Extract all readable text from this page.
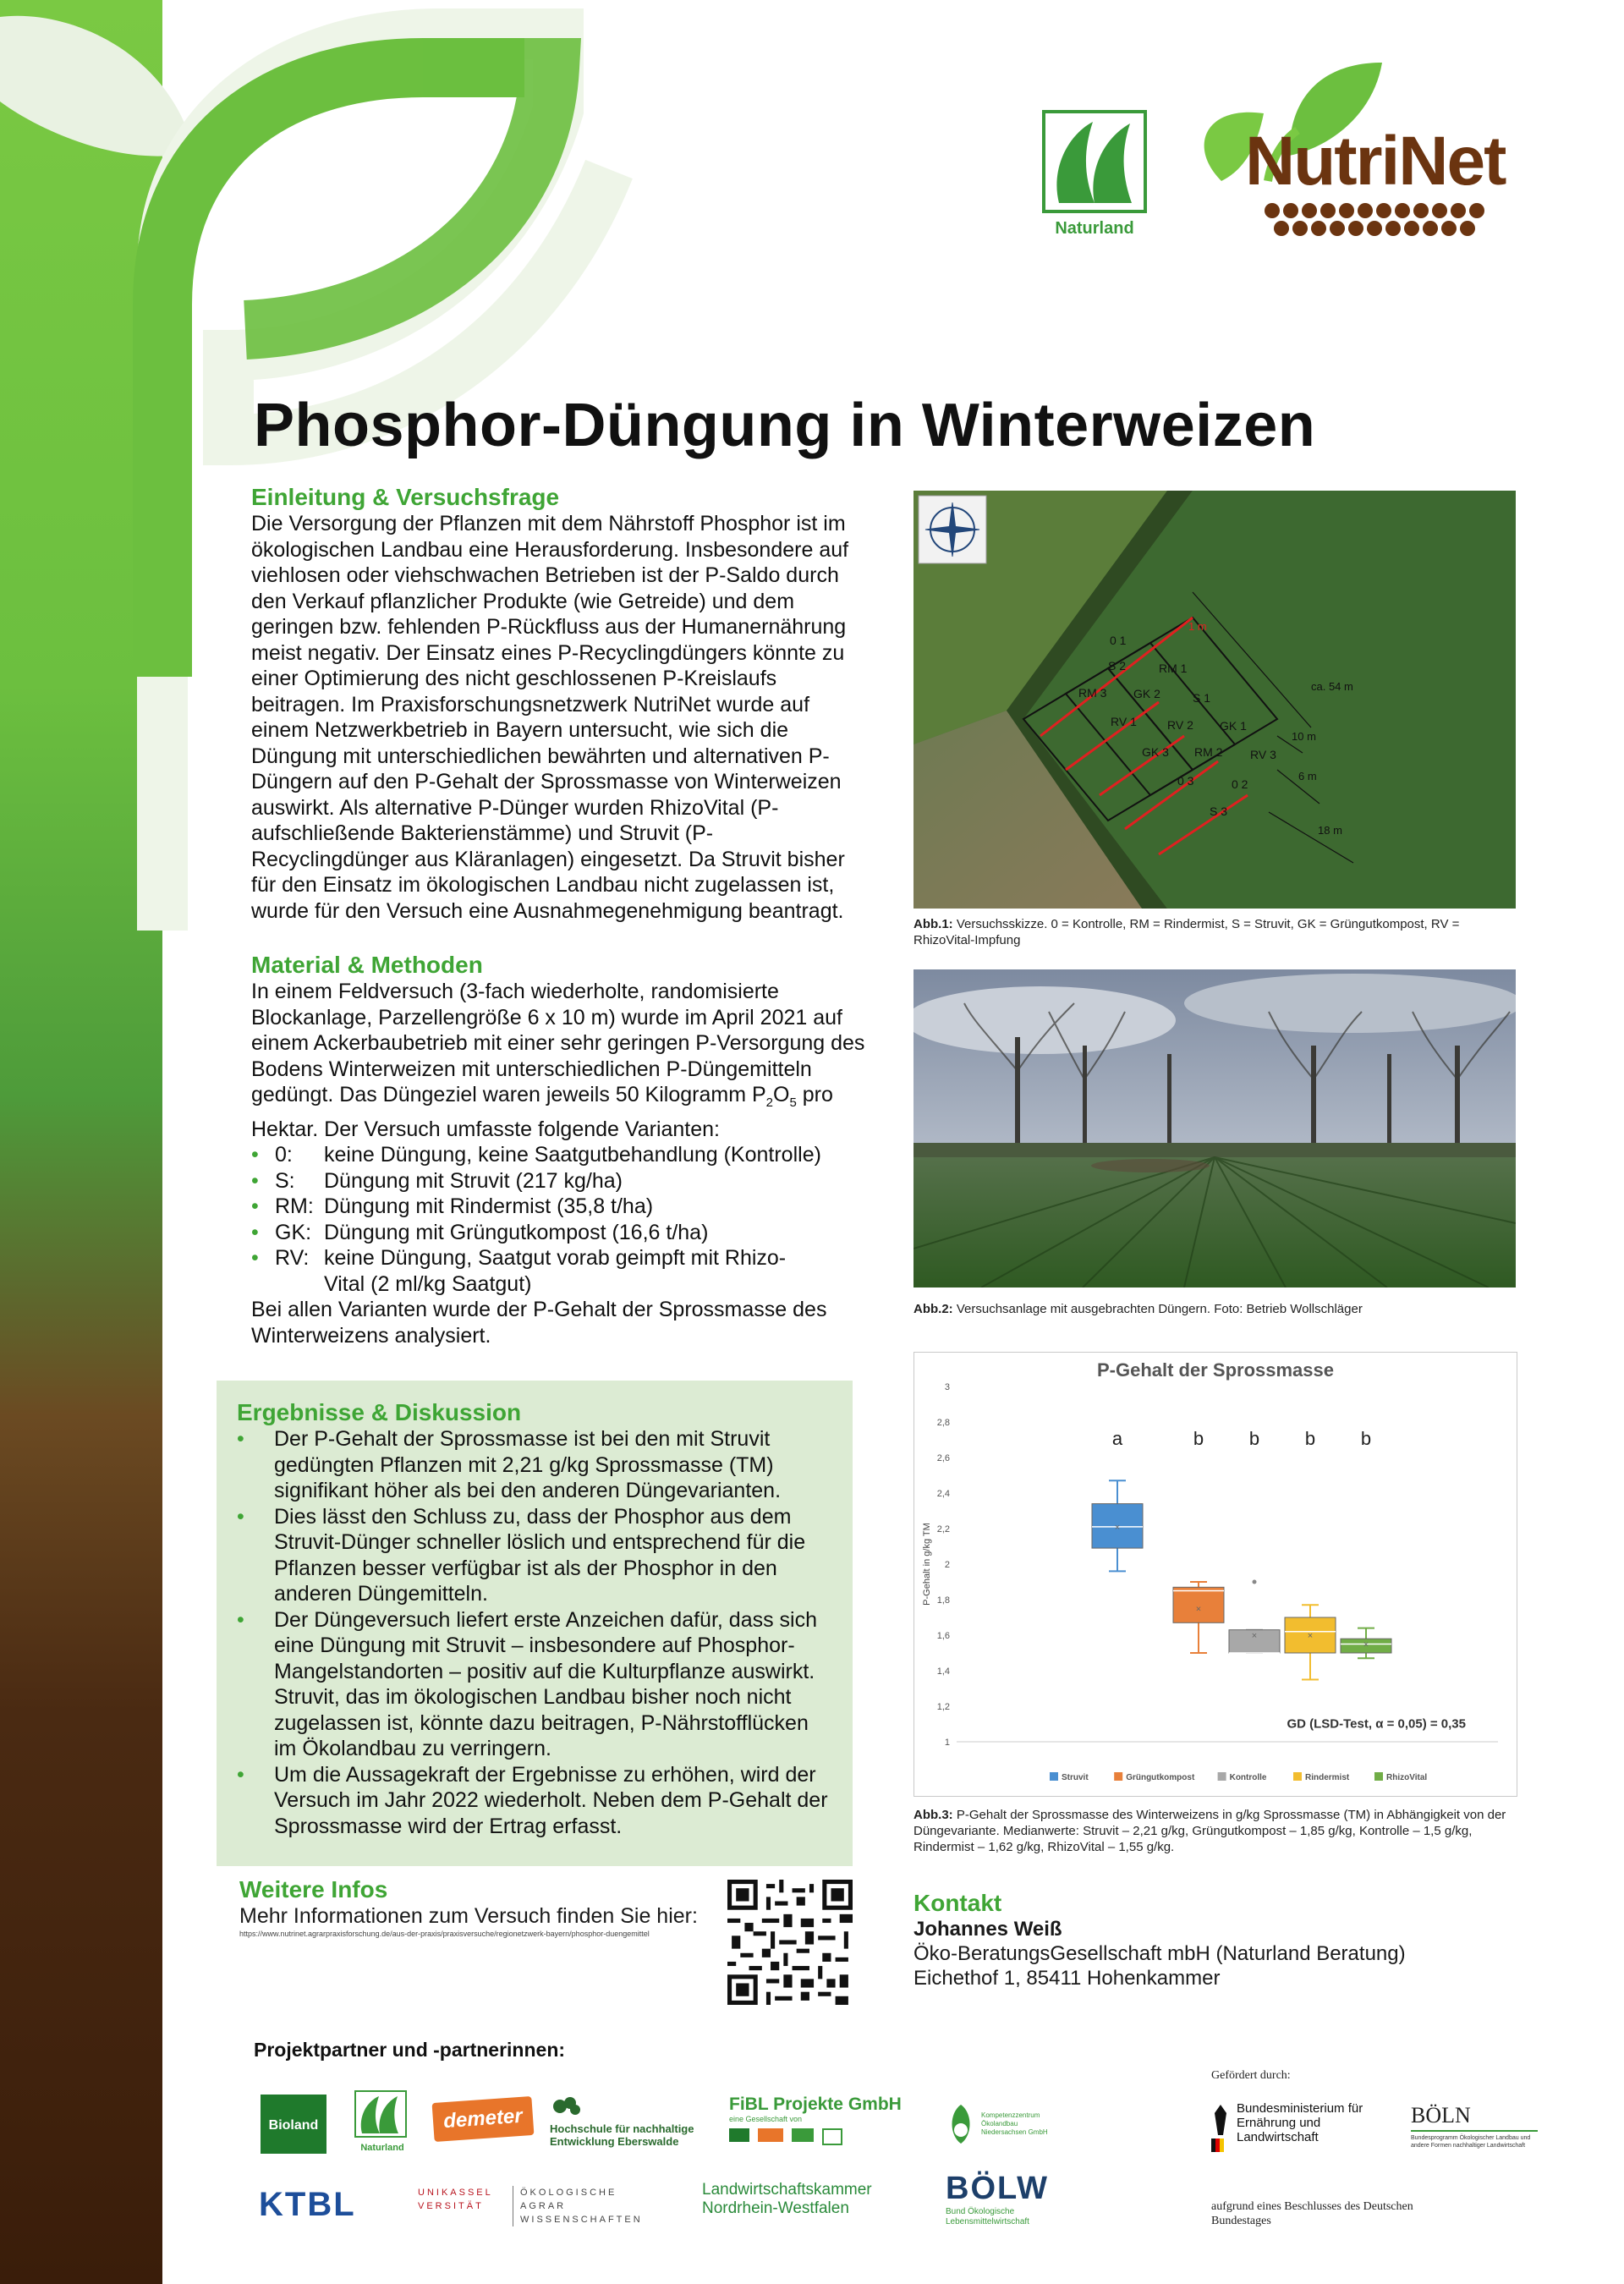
Naturland
NutriNet
Phosphor-Düngung in Winterweizen
Einleitung & Versuchsfrage
Die Versorgung der Pflanzen mit dem Nährstoff Phosphor ist im ökologischen Landbau eine Herausforderung. Insbesondere auf viehlosen oder viehschwachen Betrieben ist der P-Saldo durch den Verkauf pflanzlicher Produkte (wie Getreide) und dem geringen bzw. fehlenden P-Rückfluss aus der Humanernährung meist negativ. Der Einsatz eines P-Recyclingdüngers könnte zu einer Optimierung des nicht geschlossenen P-Kreislaufs beitragen. Im Praxisforschungsnetzwerk NutriNet wurde auf einem Netzwerkbetrieb in Bayern untersucht, wie sich die Düngung mit unterschiedlichen bewährten und alternativen P-Düngern auf den P-Gehalt der Sprossmasse von Winterweizen auswirkt. Als alternative P-Dünger wurden RhizoVital (P-aufschließende Bakterienstämme) und Struvit (P-Recyclingdünger aus Kläranlagen) eingesetzt. Da Struvit bisher für den Einsatz im ökologischen Landbau nicht zugelassen ist, wurde für den Versuch eine Ausnahmegenehmigung beantragt.
Material & Methoden
In einem Feldversuch (3-fach wiederholte, randomisierte Blockanlage, Parzellengröße 6 x 10 m) wurde im April 2021 auf einem Ackerbaubetrieb mit einer sehr geringen P-Versorgung des Bodens Winterweizen mit unterschiedlichen P-Düngemitteln gedüngt. Das Düngeziel waren jeweils 50 Kilogramm $P_2O_5$ pro Hektar. Der Versuch umfasste folgende Varianten:
• 0:	keine Düngung, keine Saatgutbehandlung (Kontrolle)
• S:	Düngung mit Struvit (217 kg/ha)
• RM: Düngung mit Rindermist (35,8 t/ha)
• GK: Düngung mit Grüngutkompost (16,6 t/ha)
• RV: keine Düngung, Saatgut vorab geimpft mit Rhizo-Vital (2 ml/kg Saatgut)
Bei allen Varianten wurde der P-Gehalt der Sprossmasse des Winterweizens analysiert.
Ergebnisse & Diskussion
• Der P-Gehalt der Sprossmasse ist bei den mit Struvit gedüngten Pflanzen mit 2,21 g/kg Sprossmasse (TM) signifikant höher als bei den anderen Düngevarianten.
• Dies lässt den Schluss zu, dass der Phosphor aus dem Struvit-Dünger schneller löslich und entsprechend für die Pflanzen besser verfügbar ist als der Phosphor in den anderen Düngemitteln.
• Der Düngeversuch liefert erste Anzeichen dafür, dass sich eine Düngung mit Struvit – insbesondere auf Phosphor-Mangelstandorten – positiv auf die Kulturpflanze auswirkt. Struvit, das im ökologischen Landbau bisher noch nicht zugelassen ist, könnte dazu beitragen, P-Nährstofflücken im Ökolandbau zu verringern.
• Um die Aussagekraft der Ergebnisse zu erhöhen, wird der Versuch im Jahr 2022 wiederholt. Neben dem P-Gehalt der Sprossmasse wird der Ertrag erfasst.
Weitere Infos
Mehr Informationen zum Versuch finden Sie hier:
https://www.nutrinet.agrarpraxisforschung.de/aus-der-praxis/praxisversuche/regionetzwerk-bayern/phosphor-duengemittel
0 1
S 2	RM 1
RM 3 GK 2	S 1
RV 1	RV 2 GK 1
GK 3 RM 2 RV 3
0 3	0 2
S 3
1 m
ca. 54 m
10 m
6 m
18 m
Abb.1: Versuchsskizze. 0 = Kontrolle, RM = Rindermist, S = Struvit, GK = Grüngutkompost, RV = RhizoVital-Impfung
Abb.2: Versuchsanlage mit ausgebrachten Düngern. Foto: Betrieb Wollschläger
P-Gehalt der Sprossmasse
P-Gehalt in g/kg TM
1
1,2
1,4
1,6
1,8
2
2,2
2,4
2,6
2,8
3
×
a
×
b
×
b
×
b
×
b
GD (LSD-Test, α = 0,05) = 0,35
Struvit	Grüngutkompost	Kontrolle	Rindermist	RhizoVital
Abb.3: P-Gehalt der Sprossmasse des Winterweizens in g/kg Sprossmasse (TM) in Abhängigkeit von der Düngevariante. Medianwerte: Struvit – 2,21 g/kg, Grüngutkompost – 1,85 g/kg, Kontrolle – 1,5 g/kg, Rindermist – 1,62 g/kg, RhizoVital – 1,55 g/kg.
Kontakt
Johannes Weiß
Öko-BeratungsGesellschaft mbH (Naturland Beratung)
Eichethof 1, 85411 Hohenkammer
Projektpartner und -partnerinnen:
Bioland
Naturland
demeter	Hochschule für nachhaltige Entwicklung Eberswalde
FiBL Projekte GmbH
eine Gesellschaft von	Kompetenzzentrum Ökolandbau Niedersachsen GmbH
KTBL	UNIKASSEL VERSITÄT
ÖKOLOGISCHE AGRAR WISSENSCHAFTEN
Landwirtschaftskammer Nordrhein-Westfalen
BÖLW
Bund Ökologische Lebensmittelwirtschaft
Gefördert durch:
Bundesministerium für Ernährung und Landwirtschaft
BÖLN
Bundesprogramm Ökologischer Landbau und andere Formen nachhaltiger Landwirtschaft
aufgrund eines Beschlusses des Deutschen Bundestages
